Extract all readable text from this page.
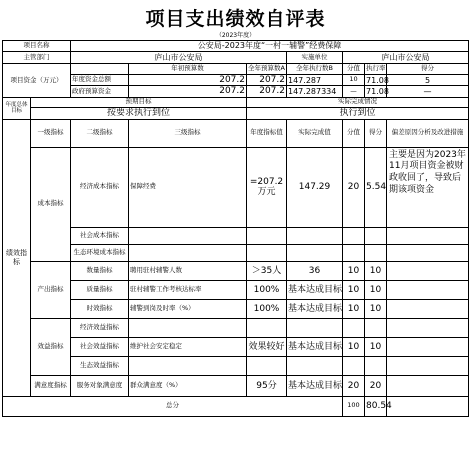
项目支出绩效自评表
（2023年度）
项目名称		公安局-2023年度“一村一辅警”经费保障						
主管部门		庐山市公安局			实施单位	庐山市公安局		
项目资金（万元）			年初预算数	全年预算数A	全年执行数B	分值	执行率	得分
		年度资金总额	207.2	207.2	147.287	10	71.08	5
		政府预算资金	207.2	207.2	147.287334	—	71.08	—
年度总体目标	预期目标			实际完成情况				
	按要求执行到位			执行到位				
绩效指标	一级指标	二级指标	三级指标	年度指标值	实际完成值	分值	得分	偏差原因分析及改进措施
	成本指标	经济成本指标	保障经费	=207.2万元	147.29	20	5.54	主要是因为2023年11月项目资金被财政收回了，导致后期该项资金
		社会成本指标						
		生态环境成本指标						
	产出指标	数量指标	聘用驻村辅警人数	＞35人	36	10	10	
		质量指标	驻村辅警工作考核达标率	100%	基本达成目标	10	10	
		时效指标	辅警到岗及时率（%）	100%	基本达成目标	10	10	
	效益指标	经济效益指标						
		社会效益指标	维护社会安定稳定	效果较好	基本达成目标	10	10	
		生态效益指标						
	满意度指标	服务对象满意度	群众满意度（%）	95分	基本达成目标	20	20	
总分						100	80.54	
